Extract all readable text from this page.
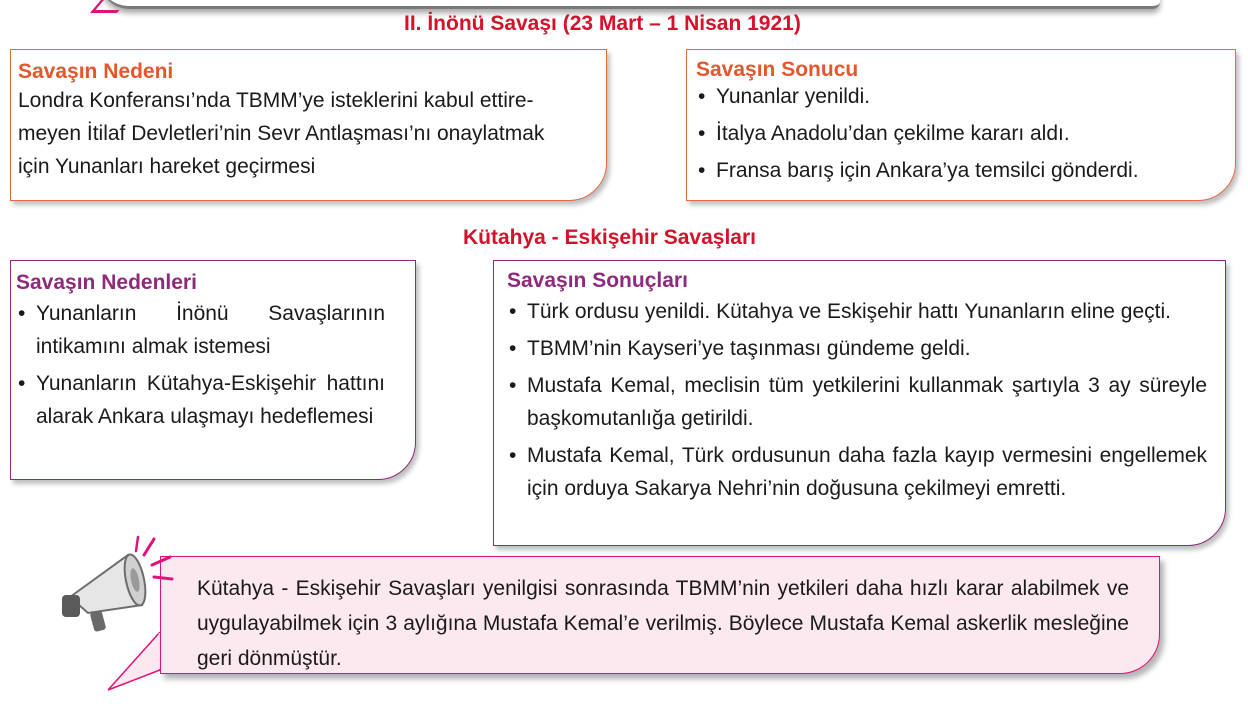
II. İnönü Savaşı (23 Mart – 1 Nisan 1921)
Savaşın Nedeni
Londra Konferansı’nda TBMM’ye isteklerini kabul ettire-
meyen İtilaf Devletleri’nin Sevr Antlaşması’nı onaylatmak
için Yunanları hareket geçirmesi
Savaşın Sonucu
• Yunanlar yenildi.
• İtalya Anadolu’dan çekilme kararı aldı.
• Fransa barış için Ankara’ya temsilci gönderdi.
Kütahya - Eskişehir Savaşları
Savaşın Nedenleri
• Yunanların İnönü Savaşlarının intikamını almak istemesi
• Yunanların Kütahya-Eskişehir hattını alarak Ankara ulaşmayı hedeflemesi
Savaşın Sonuçları
• Türk ordusu yenildi. Kütahya ve Eskişehir hattı Yunanların eline geçti.
• TBMM’nin Kayseri’ye taşınması gündeme geldi.
• Mustafa Kemal, meclisin tüm yetkilerini kullanmak şartıyla 3 ay süreyle başkomutanlığa getirildi.
• Mustafa Kemal, Türk ordusunun daha fazla kayıp vermesini engellemek için orduya Sakarya Nehri’nin doğusuna çekilmeyi emretti.
Kütahya - Eskişehir Savaşları yenilgisi sonrasında TBMM’nin yetkileri daha hızlı karar alabilmek ve uygulayabilmek için 3 aylığına Mustafa Kemal’e verilmiş. Böylece Mustafa Kemal askerlik mesleğine geri dönmüştür.
